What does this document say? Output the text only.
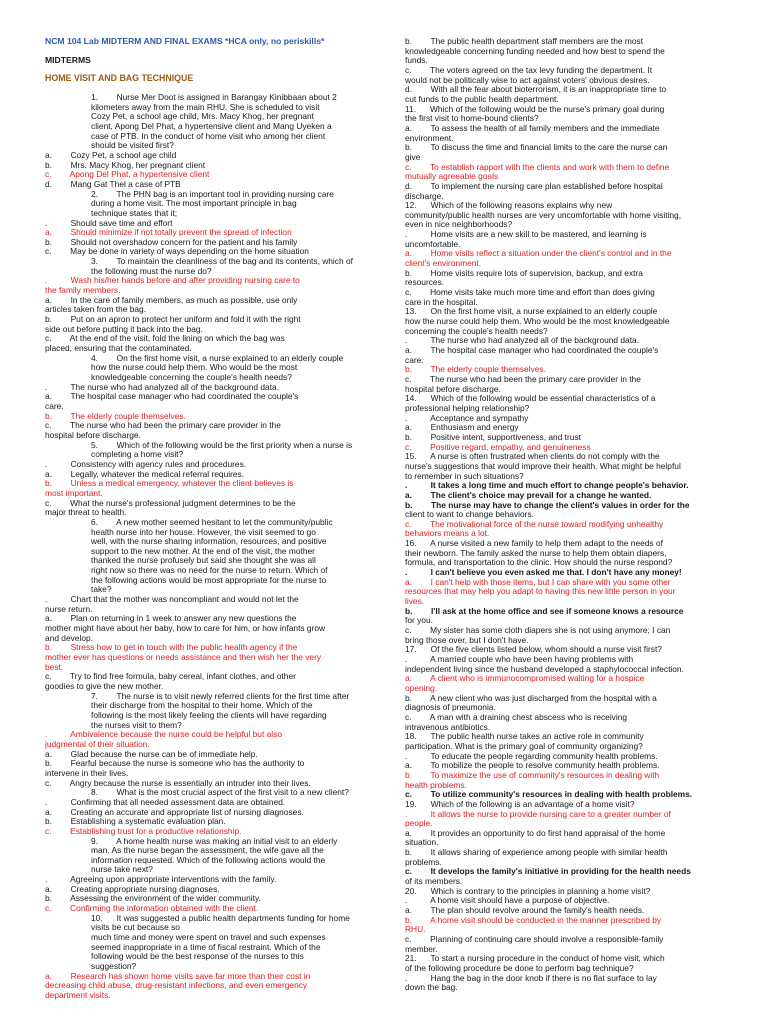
NCM 104 Lab MIDTERM AND FINAL EXAMS *HCA only, no periskills*
MIDTERMS
HOME VISIT AND BAG TECHNIQUE
1.        Nurse Mer Doot is assigned in Barangay Kinibbaan about 2
kilometers away from the main RHU. She is scheduled to visit
Cozy Pet, a school age child, Mrs. Macy Khog, her pregnant
client, Apong Del Phat, a hypertensive client and Mang Uyeken a
case of PTB. In the conduct of home visit who among her client
should be visited first?
a.        Cozy Pet, a school age child
b.        Mrs. Macy Khog, her pregnant client
c.        Apong Del Phat, a hypertensive client
d.        Mang Gat Thel a case of PTB
2.        The PHN bag is an important tool in providing nursing care
during a home visit. The most important principle in bag
technique states that it;
.          Should save time and effort
a.        Should minimize if not totally prevent the spread of infection
b.        Should not overshadow concern for the patient and his family
c.        May be done in variety of ways depending on the home situation
3.        To maintain the cleanliness of the bag and its contents, which of
the following must the nurse do?
.          Wash his/her hands before and after providing nursing care to
the family members.
a.        In the care of family members, as much as possible, use only
articles taken from the bag.
b.        Put on an apron to protect her uniform and fold it with the right
side out before putting it back into the bag.
c.        At the end of the visit, fold the lining on which the bag was
placed, ensuring that the contaminated.
4.        On the first home visit, a nurse explained to an elderly couple
how the nurse could help them. Who would be the most
knowledgeable concerning the couple's health needs?
.          The nurse who had analyzed all of the background data.
a.        The hospital case manager who had coordinated the couple's
care.
b.        The elderly couple themselves.
c.        The nurse who had been the primary care provider in the
hospital before discharge.
5.        Which of the following would be the first priority when a nurse is
completing a home visit?
.          Consistency with agency rules and procedures.
a.        Legally, whatever the medical referral requires.
b.        Unless a medical emergency, whatever the client believes is
most important.
c.        What the nurse's professional judgment determines to be the
major threat to health.
6.        A new mother seemed hesitant to let the community/public
health nurse into her house. However, the visit seemed to go
well, with the nurse sharing information, resources, and positive
support to the new mother. At the end of the visit, the mother
thanked the nurse profusely but said she thought she was all
right now so there was no need for the nurse to return. Which of
the following actions would be most appropriate for the nurse to
take?
.          Chart that the mother was noncompliant and would not let the
nurse return.
a.        Plan on returning in 1 week to answer any new questions the
mother might have about her baby, how to care for him, or how infants grow
and develop.
b.        Stress how to get in touch with the public health agency if the
mother ever has questions or needs assistance and then wish her the very
best.
c.        Try to find free formula, baby cereal, infant clothes, and other
goodies to give the new mother.
7.        The nurse is to visit newly referred clients for the first time after
their discharge from the hospital to their home. Which of the
following is the most likely feeling the clients will have regarding
the nurses visit to them?
.          Ambivalence because the nurse could be helpful but also
judgmental of their situation.
a.        Glad because the nurse can be of immediate help.
b.        Fearful because the nurse is someone who has the authority to
intervene in their lives.
c.        Angry because the nurse is essentially an intruder into their lives.
8.        What is the most crucial aspect of the first visit to a new client?
.          Confirming that all needed assessment data are obtained.
a.        Creating an accurate and appropriate list of nursing diagnoses.
b.        Establishing a systematic evaluation plan.
c.        Establishing trust for a productive relationship.
9.        A home health nurse was making an initial visit to an elderly
man. As the nurse began the assessment, the wife gave all the
information requested. Which of the following actions would the
nurse take next?
.          Agreeing upon appropriate interventions with the family.
a.        Creating appropriate nursing diagnoses.
b.        Assessing the environment of the wider community.
c.        Confirming the information obtained with the client.
10.      It was suggested a public health departments funding for home
visits be cut because so
much time and money were spent on travel and such expenses
seemed inappropriate in a time of fiscal restraint. Which of the
following would be the best response of the nurses to this
suggestion?
a.        Research has shown home visits save far more than their cost in
decreasing child abuse, drug-resistant infections, and even emergency
department visits.
b.        The public health department staff members are the most
knowledgeable concerning funding needed and how best to spend the
funds.
c.        The voters agreed on the tax levy funding the department. It
would not be politically wise to act against voters' obvious desires.
d.        With all the fear about bioterrorism, it is an inappropriate time to
cut funds to the public health department.
11.      Which of the following would be the nurse's primary goal during
the first visit to home-bound clients?
a.        To assess the health of all family members and the immediate
environment.
b.        To discuss the time and financial limits to the care the nurse can
give
c.        To establish rapport with the clients and work with them to define
mutually agreeable goals
d.        To implement the nursing care plan established before hospital
discharge.
12.      Which of the following reasons explains why new
community/public health nurses are very uncomfortable with home visiting,
even in nice neighborhoods?
.          Home visits are a new skill to be mastered, and learning is
uncomfortable.
a.        Home visits reflect a situation under the client's control and in the
client's environment.
b.        Home visits require lots of supervision, backup, and extra
resources.
c.        Home visits take much more time and effort than does giving
care in the hospital.
13.      On the first home visit, a nurse explained to an elderly couple
how the nurse could help them. Who would be the most knowledgeable
concerning the couple's health needs?
.          The nurse who had analyzed all of the background data.
a.        The hospital case manager who had coordinated the couple's
care.
b.        The elderly couple themselves.
c.        The nurse who had been the primary care provider in the
hospital before discharge.
14.      Which of the following would be essential characteristics of a
professional helping relationship?
.          Acceptance and sympathy
a.        Enthusiasm and energy
b.        Positive intent, supportiveness, and trust
c.        Positive regard, empathy, and genuineness
15.      A nurse is often frustrated when clients do not comply with the
nurse's suggestions that would improve their health. What might be helpful
to remember in such situations?
.          It takes a long time and much effort to change people's behavior.
a.        The client's choice may prevail for a change he wanted.
b.        The nurse may have to change the client's values in order for the
client to want to change behaviors.
c.        The motivational force of the nurse toward modifying unhealthy
behaviors means a lot.
16.      A nurse visited a new family to help them adapt to the needs of
their newborn. The family asked the nurse to help them obtain diapers,
formula, and transportation to the clinic. How should the nurse respond?
.          I can't believe you even asked me that. I don't have any money!
a.        I can't help with those items, but I can share with you some other
resources that may help you adapt to having this new little person in your
lives.
b.        I'll ask at the home office and see if someone knows a resource
for you.
c.        My sister has some cloth diapers she is not using anymore; I can
bring those over, but I don't have.
17.      Of the five clients listed below, whom should a nurse visit first?
.          A married couple who have been having problems with
independent living since the husband developed a staphylococcal infection.
a.        A client who is immunocompromised waiting for a hospice
opening.
b.        A new client who was just discharged from the hospital with a
diagnosis of pneumonia.
c.        A man with a draining chest abscess who is receiving
intravenous antibiotics.
18.      The public health nurse takes an active role in community
participation. What is the primary goal of community organizing?
.          To educate the people regarding community health problems.
a.        To mobilize the people to resolve community health problems.
b.        To maximize the use of community's resources in dealing with
health problems.
c.        To utilize community's resources in dealing with health problems.
19.      Which of the following is an advantage of a home visit?
.          It allows the nurse to provide nursing care to a greater number of
people.
a.        It provides an opportunity to do first hand appraisal of the home
situation.
b.        It allows sharing of experience among people with similar health
problems.
c.        It develops the family's initiative in providing for the health needs
of its members.
20.      Which is contrary to the principles in planning a home visit?
.          A home visit should have a purpose of objective.
a.        The plan should revolve around the family's health needs.
b.        A home visit should be conducted in the manner prescribed by
RHU.
c.        Planning of continuing care should involve a responsible-family
member.
21.      To start a nursing procedure in the conduct of home visit, which
of the following procedure be done to perform bag technique?
.          Hang the bag in the door knob if there is no flat surface to lay
down the bag.
